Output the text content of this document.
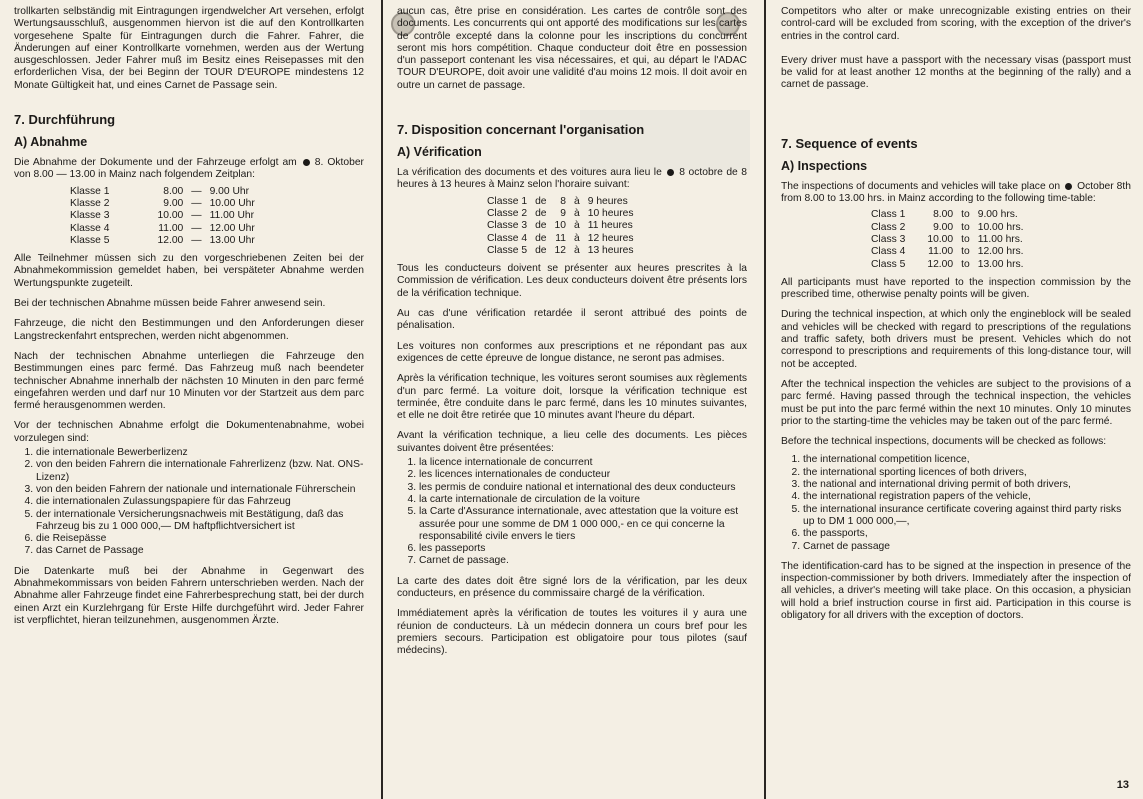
trollkarten selbständig mit Eintragungen irgendwelcher Art versehen, erfolgt Wertungsausschluß, ausgenommen hiervon ist die auf den Kontrollkarten vorgesehene Spalte für Eintragungen durch die Fahrer. Fahrer, die Änderungen auf einer Kontrollkarte vornehmen, werden aus der Wertung ausgeschlossen. Jeder Fahrer muß im Besitz eines Reisepasses mit den erforderlichen Visa, der bei Beginn der TOUR D'EUROPE mindestens 12 Monate Gültigkeit hat, und eines Carnet de Passage sein.

7. Durchführung
A) Abnahme

Die Abnahme der Dokumente und der Fahrzeuge erfolgt am 8. Oktober von 8.00 — 13.00 in Mainz nach folgendem Zeitplan:

Klasse 1	8.00	—	9.00 Uhr
Klasse 2	9.00	—	10.00 Uhr
Klasse 3	10.00	—	11.00 Uhr
Klasse 4	11.00	—	12.00 Uhr
Klasse 5	12.00	—	13.00 Uhr

Alle Teilnehmer müssen sich zu den vorgeschriebenen Zeiten bei der Abnahmekommission gemeldet haben, bei verspäteter Abnahme werden Wertungspunkte zugeteilt.

Bei der technischen Abnahme müssen beide Fahrer anwesend sein.

Fahrzeuge, die nicht den Bestimmungen und den Anforderungen dieser Langstreckenfahrt entsprechen, werden nicht abgenommen.

Nach der technischen Abnahme unterliegen die Fahrzeuge den Bestimmungen eines parc fermé. Das Fahrzeug muß nach beendeter technischer Abnahme innerhalb der nächsten 10 Minuten in den parc fermé eingefahren werden und darf nur 10 Minuten vor der Startzeit aus dem parc fermé herausgenommen werden.

Vor der technischen Abnahme erfolgt die Dokumentenabnahme, wobei vorzulegen sind:

1. die internationale Bewerberlizenz
2. von den beiden Fahrern die internationale Fahrerlizenz (bzw. Nat. ONS-Lizenz)
3. von den beiden Fahrern der nationale und internationale Führerschein
4. die internationalen Zulassungspapiere für das Fahrzeug
5. der internationale Versicherungsnachweis mit Bestätigung, daß das Fahrzeug bis zu 1 000 000,— DM haftpflichtversichert ist
6. die Reisepässe
7. das Carnet de Passage

Die Datenkarte muß bei der Abnahme in Gegenwart des Abnahmekommissars von beiden Fahrern unterschrieben werden. Nach der Abnahme aller Fahrzeuge findet eine Fahrerbesprechung statt, bei der durch einen Arzt ein Kurzlehrgang für Erste Hilfe durchgeführt wird. Jeder Fahrer ist verpflichtet, hieran teilzunehmen, ausgenommen Ärzte.

aucun cas, être prise en considération. Les cartes de contrôle sont des documents. Les concurrents qui ont apporté des modifications sur les cartes de contrôle excepté dans la colonne pour les inscriptions du concurrent seront mis hors compétition. Chaque conducteur doit être en possession d'un passeport contenant les visa nécessaires, et qui, au départ le l'ADAC TOUR D'EUROPE, doit avoir une validité d'au moins 12 mois. Il doit avoir en outre un carnet de passage.

7. Disposition concernant l'organisation
A) Vérification

La vérification des documents et des voitures aura lieu le 8 octobre de 8 heures à 13 heures à Mainz selon l'horaire suivant:

Classe 1	de	8	à	9 heures
Classe 2	de	9	à	10 heures
Classe 3	de	10	à	11 heures
Classe 4	de	11	à	12 heures
Classe 5	de	12	à	13 heures

Tous les conducteurs doivent se présenter aux heures prescrites à la Commission de vérification. Les deux conducteurs doivent être présents lors de la vérification technique.

Au cas d'une vérification retardée il seront attribué des points de pénalisation.

Les voitures non conformes aux prescriptions et ne répondant pas aux exigences de cette épreuve de longue distance, ne seront pas admises.

Après la vérification technique, les voitures seront soumises aux règlements d'un parc fermé. La voiture doit, lorsque la vérification technique est terminée, être conduite dans le parc fermé, dans les 10 minutes suivantes, et elle ne doit être retirée que 10 minutes avant l'heure du départ.

Avant la vérification technique, a lieu celle des documents. Les pièces suivantes doivent être présentées:

1. la licence internationale de concurrent
2. les licences internationales de conducteur
3. les permis de conduire national et international des deux conducteurs
4. la carte internationale de circulation de la voiture
5. la Carte d'Assurance internationale, avec attestation que la voiture est assurée pour une somme de DM 1 000 000,- en ce qui concerne la responsabilité civile envers le tiers
6. les passeports
7. Carnet de passage.

La carte des dates doit être signé lors de la vérification, par les deux conducteurs, en présence du commissaire chargé de la vérification.

Immédiatement après la vérification de toutes les voitures il y aura une réunion de conducteurs. Là un médecin donnera un cours bref pour les premiers secours. Participation est obligatoire pour tous pilotes (sauf médecins).

Competitors who alter or make unrecognizable existing entries on their control-card will be excluded from scoring, with the exception of the driver's entries in the control card.

Every driver must have a passport with the necessary visas (passport must be valid for at least another 12 months at the beginning of the rally) and a carnet de passage.

7. Sequence of events
A) Inspections

The inspections of documents and vehicles will take place on October 8th from 8.00 to 13.00 hrs. in Mainz according to the following time-table:

Class 1	8.00	to	9.00 hrs.
Class 2	9.00	to	10.00 hrs.
Class 3	10.00	to	11.00 hrs.
Class 4	11.00	to	12.00 hrs.
Class 5	12.00	to	13.00 hrs.

All participants must have reported to the inspection commission by the prescribed time, otherwise penalty points will be given.

During the technical inspection, at which only the engineblock will be sealed and vehicles will be checked with regard to prescriptions of the regulations and traffic safety, both drivers must be present. Vehicles which do not correspond to prescriptions and requirements of this long-distance tour, will not be accepted.

After the technical inspection the vehicles are subject to the provisions of a parc fermé. Having passed through the technical inspection, the vehicles must be put into the parc fermé within the next 10 minutes. Only 10 minutes prior to the starting-time the vehicles may be taken out of the parc fermé.

Before the technical inspections, documents will be checked as follows:

1. the international competition licence,
2. the international sporting licences of both drivers,
3. the national and international driving permit of both drivers,
4. the international registration papers of the vehicle,
5. the international insurance certificate covering against third party risks up to DM 1 000 000,—,
6. the passports,
7. Carnet de passage

The identification-card has to be signed at the inspection in presence of the inspection-commissioner by both drivers. Immediately after the inspection of all vehicles, a driver's meeting will take place. On this occasion, a physician will hold a brief instruction course in first aid. Participation in this course is obligatory for all drivers with the exception of doctors.

13
